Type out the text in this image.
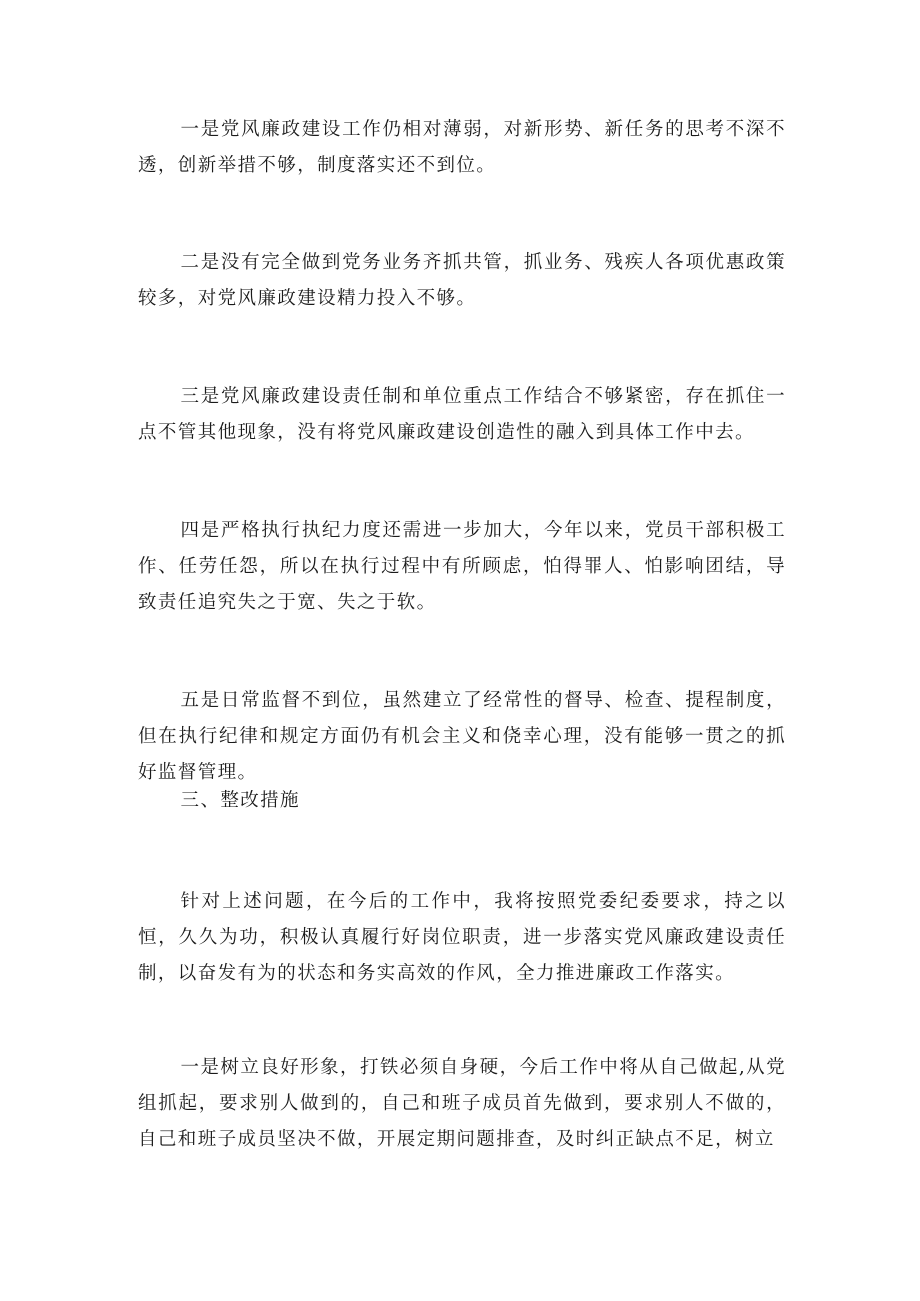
一是党风廉政建设工作仍相对薄弱，对新形势、新任务的思考不深不透，创新举措不够，制度落实还不到位。

二是没有完全做到党务业务齐抓共管，抓业务、残疾人各项优惠政策较多，对党风廉政建设精力投入不够。

三是党风廉政建设责任制和单位重点工作结合不够紧密，存在抓住一点不管其他现象，没有将党风廉政建设创造性的融入到具体工作中去。

四是严格执行执纪力度还需进一步加大，今年以来，党员干部积极工作、任劳任怨，所以在执行过程中有所顾虑，怕得罪人、怕影响团结，导致责任追究失之于宽、失之于软。

五是日常监督不到位，虽然建立了经常性的督导、检查、提程制度，但在执行纪律和规定方面仍有机会主义和侥幸心理，没有能够一贯之的抓好监督管理。

三、整改措施

针对上述问题，在今后的工作中，我将按照党委纪委要求，持之以恒，久久为功，积极认真履行好岗位职责，进一步落实党风廉政建设责任制，以奋发有为的状态和务实高效的作风，全力推进廉政工作落实。

一是树立良好形象，打铁必须自身硬，今后工作中将从自己做起,从党组抓起，要求别人做到的，自己和班子成员首先做到，要求别人不做的，自己和班子成员坚决不做，开展定期问题排查，及时纠正缺点不足，树立
